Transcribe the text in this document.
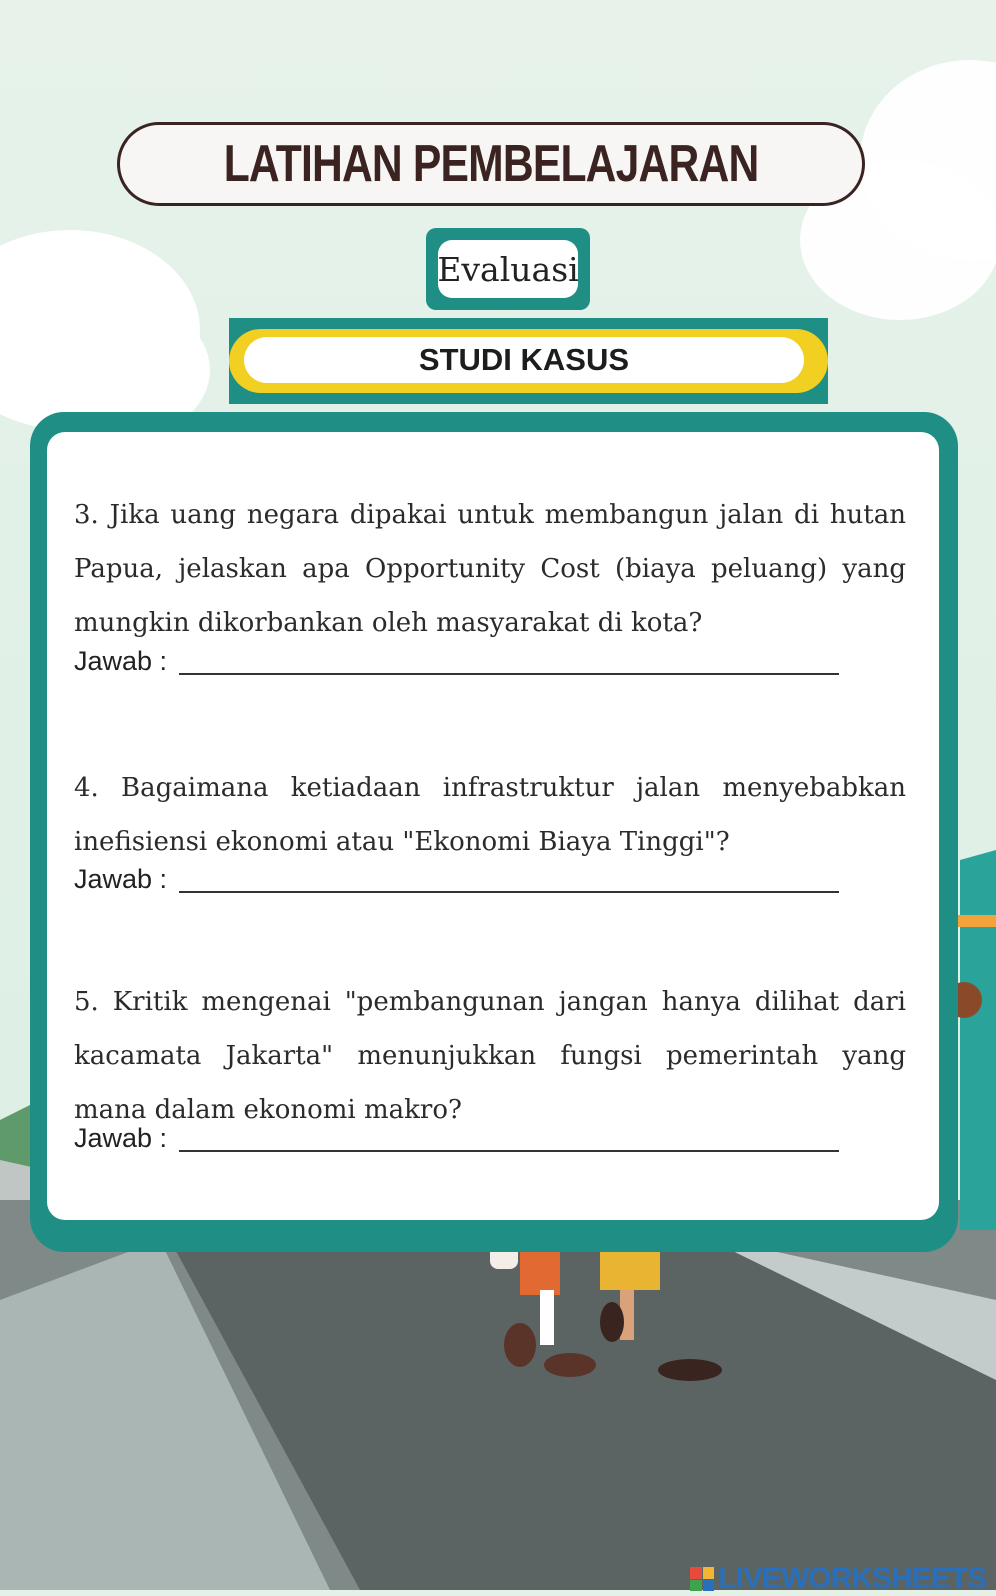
LATIHAN PEMBELAJARAN
Evaluasi
STUDI KASUS

3. Jika uang negara dipakai untuk membangun jalan di hutan Papua, jelaskan apa Opportunity Cost (biaya peluang) yang mungkin dikorbankan oleh masyarakat di kota?

Jawab :

4. Bagaimana ketiadaan infrastruktur jalan menyebabkan inefisiensi ekonomi atau "Ekonomi Biaya Tinggi"?

Jawab :

5. Kritik mengenai "pembangunan jangan hanya dilihat dari kacamata Jakarta" menunjukkan fungsi pemerintah yang mana dalam ekonomi makro?

Jawab :
LIVEWORKSHEETS
